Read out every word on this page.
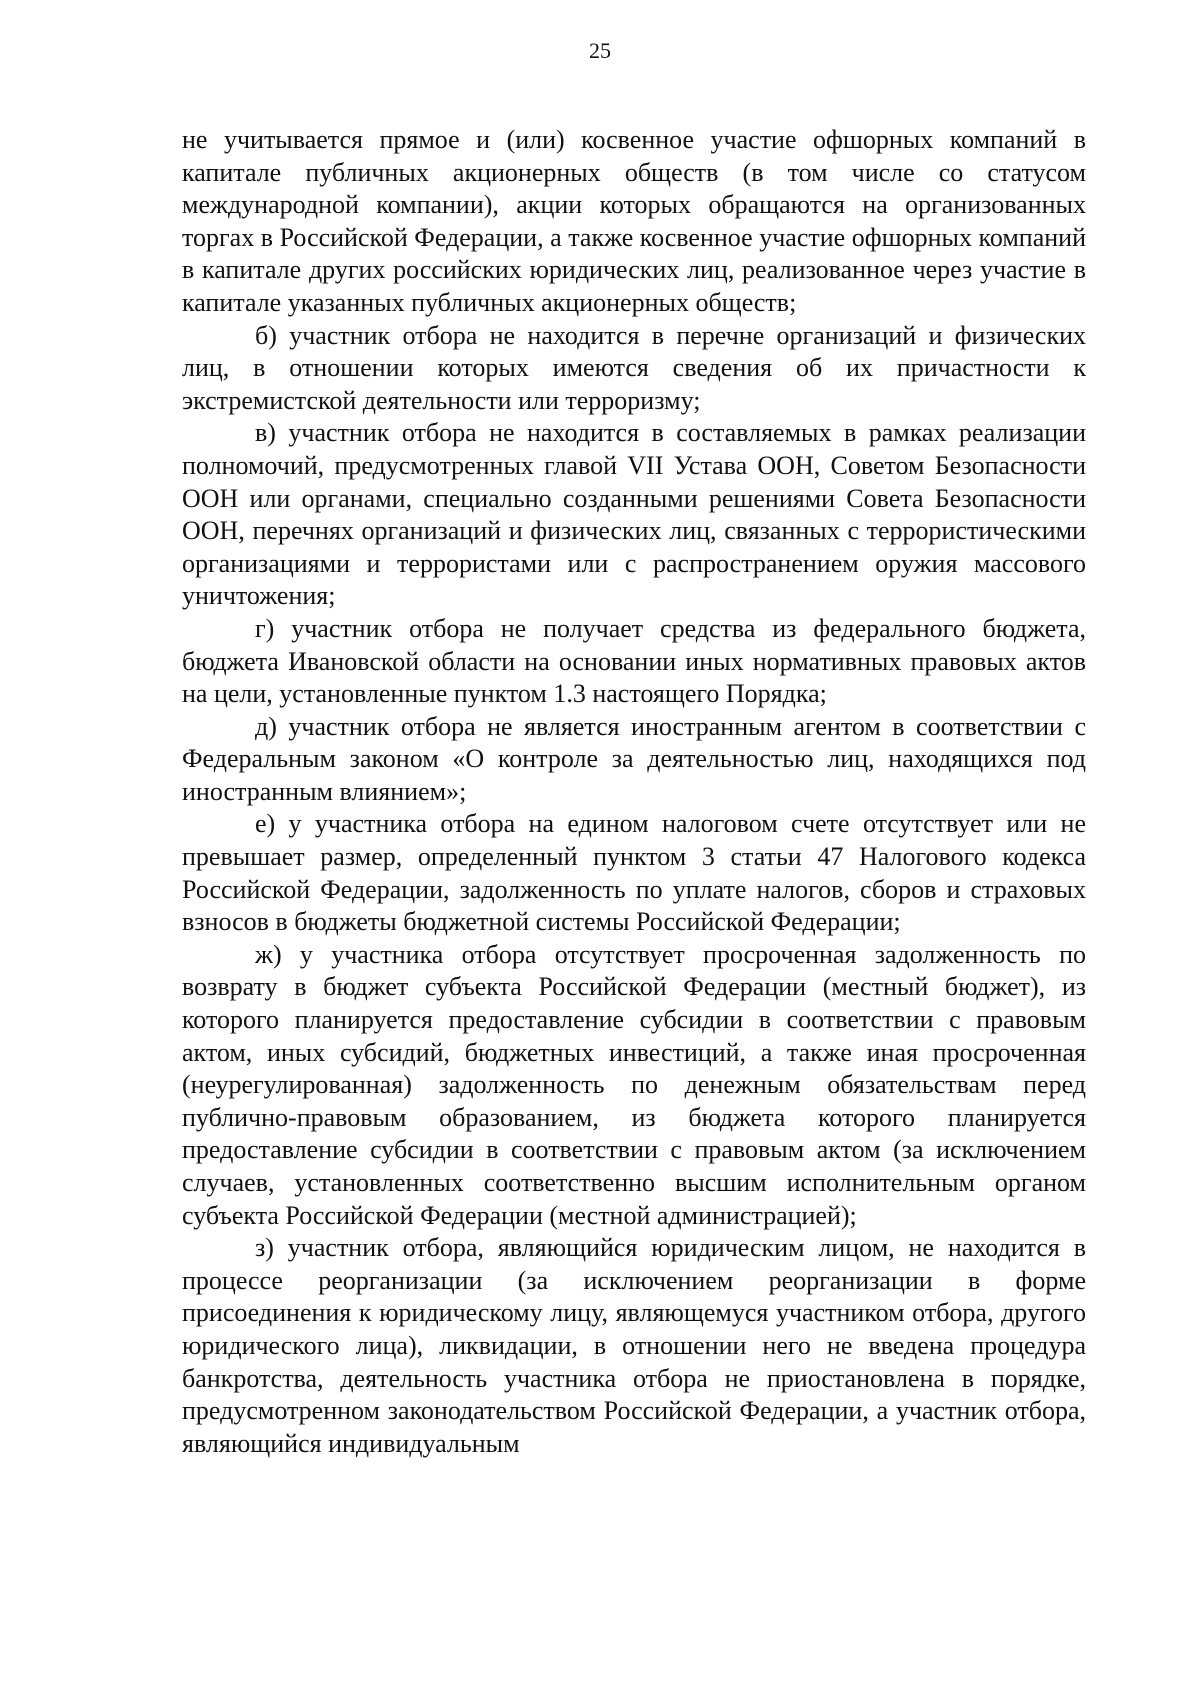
25

не учитывается прямое и (или) косвенное участие офшорных компаний в капитале публичных акционерных обществ (в том числе со статусом международной компании), акции которых обращаются на организованных торгах в Российской Федерации, а также косвенное участие офшорных компаний в капитале других российских юридических лиц, реализованное через участие в капитале указанных публичных акционерных обществ;

б) участник отбора не находится в перечне организаций и физических лиц, в отношении которых имеются сведения об их причастности к экстремистской деятельности или терроризму;

в) участник отбора не находится в составляемых в рамках реализации полномочий, предусмотренных главой VII Устава ООН, Советом Безопасности ООН или органами, специально созданными решениями Совета Безопасности ООН, перечнях организаций и физических лиц, связанных с террористическими организациями и террористами или с распространением оружия массового уничтожения;

г) участник отбора не получает средства из федерального бюджета, бюджета Ивановской области на основании иных нормативных правовых актов на цели, установленные пунктом 1.3 настоящего Порядка;

д) участник отбора не является иностранным агентом в соответствии с Федеральным законом «О контроле за деятельностью лиц, находящихся под иностранным влиянием»;

е) у участника отбора на едином налоговом счете отсутствует или не превышает размер, определенный пунктом 3 статьи 47 Налогового кодекса Российской Федерации, задолженность по уплате налогов, сборов и страховых взносов в бюджеты бюджетной системы Российской Федерации;

ж) у участника отбора отсутствует просроченная задолженность по возврату в бюджет субъекта Российской Федерации (местный бюджет), из которого планируется предоставление субсидии в соответствии с правовым актом, иных субсидий, бюджетных инвестиций, а также иная просроченная (неурегулированная) задолженность по денежным обязательствам перед публично-правовым образованием, из бюджета которого планируется предоставление субсидии в соответствии с правовым актом (за исключением случаев, установленных соответственно высшим исполнительным органом субъекта Российской Федерации (местной администрацией);

з) участник отбора, являющийся юридическим лицом, не находится в процессе реорганизации (за исключением реорганизации в форме присоединения к юридическому лицу, являющемуся участником отбора, другого юридического лица), ликвидации, в отношении него не введена процедура банкротства, деятельность участника отбора не приостановлена в порядке, предусмотренном законодательством Российской Федерации, а участник отбора, являющийся индивидуальным
